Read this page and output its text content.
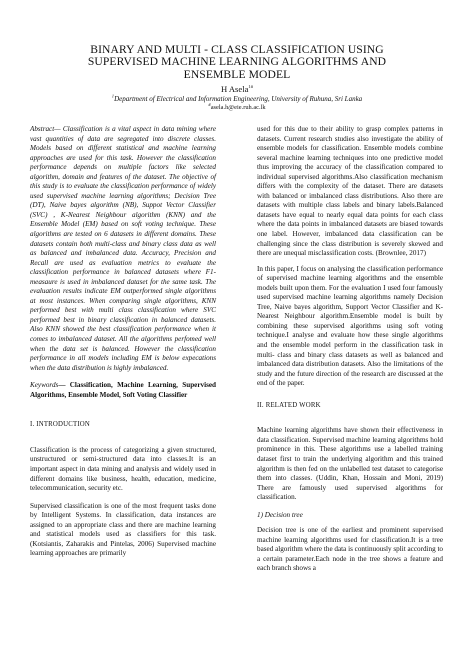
BINARY AND MULTI - CLASS CLASSIFICATION USING
SUPERVISED MACHINE LEARNING ALGORITHMS AND
ENSEMBLE MODEL
H Asela$^{1\#}$
$^1$Department of Electrical and Information Engineering, University of Ruhuna, Sri Lanka
#asela.h@eie.ruh.ac.lk

Abstract— Classification is a vital aspect in data mining where vast quantities of data are segregated into discrete classes. Models based on different statistical and machine learning approaches are used for this task. However the classification performance depends on multiple factors like selected algorithm, domain and features of the dataset. The objective of this study is to evaluate the classification performance of widely used supervised machine learning algorithms; Decision Tree (DT), Naive bayes algorithm (NB), Suppot Vector Classifier (SVC) , K-Nearest Neighbour algorithm (KNN) and the Ensemble Model (EM) based on soft voting technique. These algorithms are tested on 6 datasets in different domains. These datasets contain both multi-class and binary class data as well as balanced and imbalanced data. Accuracy, Precision and Recall are used as evaluation metrics to evaluate the classification performance in balanced datasets where F1-measaure is used in imbalanced dataset for the same task. The evaluation results indicate EM outperformed single algorithms at most instances. When comparing single algorithms, KNN performed best with multi class classification where SVC performed best in binary classification in balanced datasets. Also KNN showed the best classification performance when it comes to imbalanced dataset. All the algorithms perfomed well when the data set is balanced. However the classification performance in all models including EM is below expecations when the data distribution is highly imbalanced.

Keywords— Classification, Machine Learning, Supervised Algorithms, Ensemble Model, Soft Voting Classifier

I. INTRODUCTION

Classification is the process of categorizing a given structured, unstructured or semi-structured data into classes.It is an important aspect in data mining and analysis and widely used in different domains like business, health, education, medicine, telecommunication, security etc.

Supervised classification is one of the most frequent tasks done by Intelligent Systems. In classification, data instances are assigned to an appropriate class and there are machine learning and statistical models used as classifiers for this task. (Kotsiantis, Zaharakis and Pintelas, 2006) Supervised machine learning approaches are primarily

used for this due to their ability to grasp complex patterns in datasets. Current research studies also investigate the ability of ensemble models for classification. Ensemble models combine several machine learning techniques into one predictive model thus improving the accuracy of the classification compared to individual supervised algorithms.Also classification mechanism differs with the complexity of the dataset. There are datasets with balanced or imbalanced class distributions. Also there are datasets with multiple class labels and binary labels.Balanced datasets have equal to nearly equal data points for each class where the data points in imbalanced datasets are biased towards one label. However, imbalanced data classification can be challenging since the class distribution is severely skewed and there are unequal misclassification costs. (Brownlee, 2017)

In this paper, I focus on analysing the classification performance of supervised machine learning algorithms and the ensemble models built upon them. For the evaluation I used four famously used supervised machine learning algorithms namely Decision Tree, Naive bayes algorithm, Support Vector Classifier and K-Nearest Neighbour algorithm.Ensemble model is built by combining these supervised algorithms using soft voting technique.I analyse and evaluate how these single algorithms and the ensemble model perform in the classification task in multi- class and binary class datasets as well as balanced and imbalanced data distribution datasets. Also the limitations of the study and the future direction of the research are discussed at the end of the paper.

II. RELATED WORK

Machine learning algorithms have shown their effectiveness in data classification. Supervised machine learning algorithms hold prominence in this. These algorithms use a labelled training dataset first to train the underlying algorithm and this trained algorithm is then fed on the unlabelled test dataset to categorise them into classes. (Uddin, Khan, Hossain and Moni, 2019) There are famously used supervised algorithms for classification.

1) Decision tree

Decision tree is one of the earliest and prominent supervised machine learning algorithms used for classification.It is a tree based algorithm where the data is continuously split according to a certain parameter.Each node in the tree shows a feature and each branch shows a
